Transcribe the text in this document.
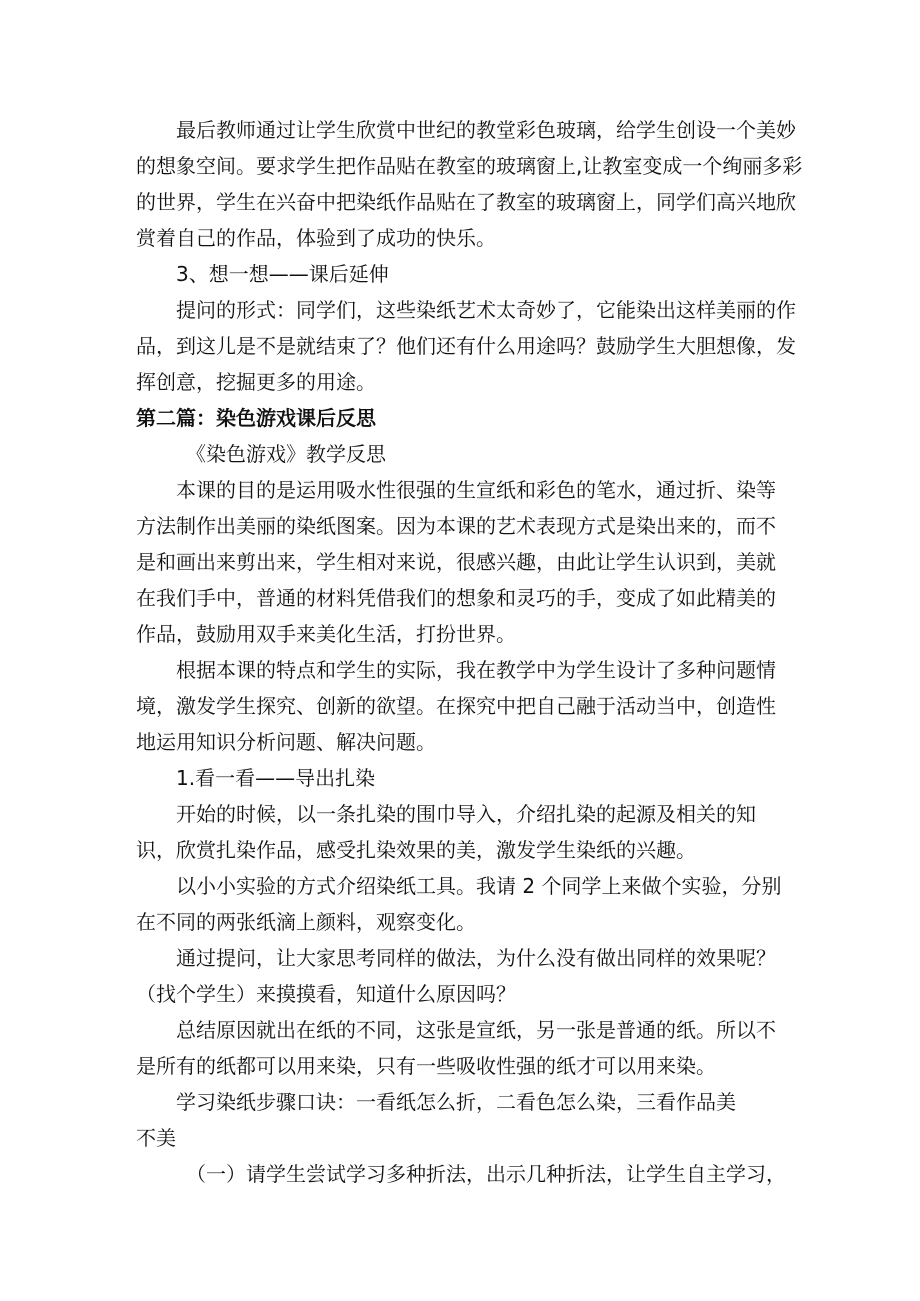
最后教师通过让学生欣赏中世纪的教堂彩色玻璃，给学生创设一个美妙
的想象空间。要求学生把作品贴在教室的玻璃窗上,让教室变成一个绚丽多彩
的世界，学生在兴奋中把染纸作品贴在了教室的玻璃窗上，同学们高兴地欣
赏着自己的作品，体验到了成功的快乐。
3、想一想——课后延伸
提问的形式：同学们，这些染纸艺术太奇妙了，它能染出这样美丽的作
品，到这儿是不是就结束了？他们还有什么用途吗？鼓励学生大胆想像，发
挥创意，挖掘更多的用途。
第二篇：染色游戏课后反思
《染色游戏》教学反思
本课的目的是运用吸水性很强的生宣纸和彩色的笔水，通过折、染等
方法制作出美丽的染纸图案。因为本课的艺术表现方式是染出来的，而不
是和画出来剪出来，学生相对来说，很感兴趣，由此让学生认识到，美就
在我们手中，普通的材料凭借我们的想象和灵巧的手，变成了如此精美的
作品，鼓励用双手来美化生活，打扮世界。
根据本课的特点和学生的实际，我在教学中为学生设计了多种问题情
境，激发学生探究、创新的欲望。在探究中把自己融于活动当中，创造性
地运用知识分析问题、解决问题。
1.看一看——导出扎染
开始的时候，以一条扎染的围巾导入，介绍扎染的起源及相关的知
识，欣赏扎染作品，感受扎染效果的美，激发学生染纸的兴趣。
以小小实验的方式介绍染纸工具。我请 2 个同学上来做个实验，分别
在不同的两张纸滴上颜料，观察变化。
通过提问，让大家思考同样的做法，为什么没有做出同样的效果呢？
（找个学生）来摸摸看，知道什么原因吗？
总结原因就出在纸的不同，这张是宣纸，另一张是普通的纸。所以不
是所有的纸都可以用来染，只有一些吸收性强的纸才可以用来染。
学习染纸步骤口诀：一看纸怎么折，二看色怎么染，三看作品美
不美
（一）请学生尝试学习多种折法，出示几种折法，让学生自主学习，
